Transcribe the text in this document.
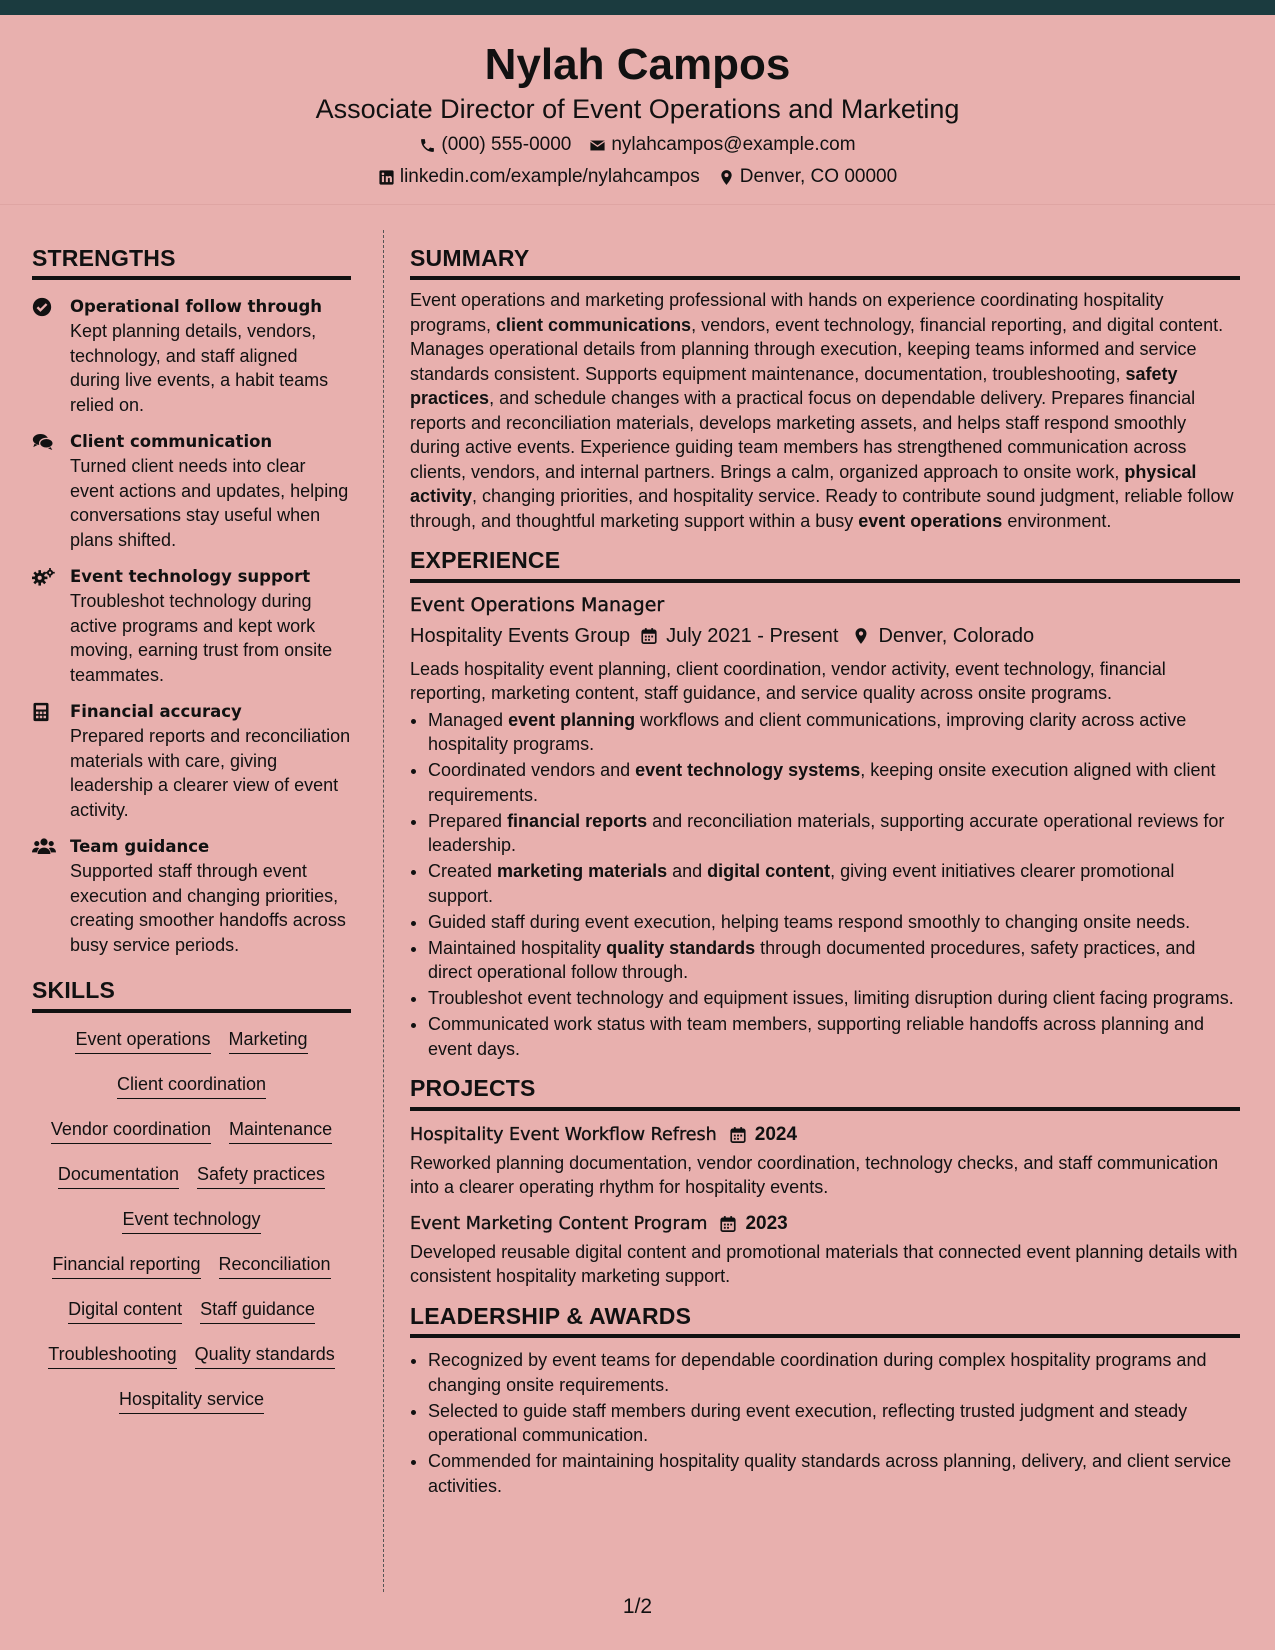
Nylah Campos
Associate Director of Event Operations and Marketing
(000) 555-0000 nylahcampos@example.com
linkedin.com/example/nylahcampos Denver, CO 00000
STRENGTHS
Operational follow through
Kept planning details, vendors, technology, and staff aligned during live events, a habit teams relied on.
Client communication
Turned client needs into clear event actions and updates, helping conversations stay useful when plans shifted.
Event technology support
Troubleshot technology during active programs and kept work moving, earning trust from onsite teammates.
Financial accuracy
Prepared reports and reconciliation materials with care, giving leadership a clearer view of event activity.
Team guidance
Supported staff through event execution and changing priorities, creating smoother handoffs across busy service periods.
SKILLS
Event operations Marketing
Client coordination
Vendor coordination Maintenance
Documentation Safety practices
Event technology
Financial reporting Reconciliation
Digital content Staff guidance
Troubleshooting Quality standards
Hospitality service
SUMMARY
Event operations and marketing professional with hands on experience coordinating hospitality programs, client communications, vendors, event technology, financial reporting, and digital content. Manages operational details from planning through execution, keeping teams informed and service standards consistent. Supports equipment maintenance, documentation, troubleshooting, safety practices, and schedule changes with a practical focus on dependable delivery. Prepares financial reports and reconciliation materials, develops marketing assets, and helps staff respond smoothly during active events. Experience guiding team members has strengthened communication across clients, vendors, and internal partners. Brings a calm, organized approach to onsite work, physical activity, changing priorities, and hospitality service. Ready to contribute sound judgment, reliable follow through, and thoughtful marketing support within a busy event operations environment.
EXPERIENCE
Event Operations Manager
Hospitality Events Group July 2021 - Present Denver, Colorado
Leads hospitality event planning, client coordination, vendor activity, event technology, financial reporting, marketing content, staff guidance, and service quality across onsite programs.
• Managed event planning workflows and client communications, improving clarity across active hospitality programs.
• Coordinated vendors and event technology systems, keeping onsite execution aligned with client requirements.
• Prepared financial reports and reconciliation materials, supporting accurate operational reviews for leadership.
• Created marketing materials and digital content, giving event initiatives clearer promotional support.
• Guided staff during event execution, helping teams respond smoothly to changing onsite needs.
• Maintained hospitality quality standards through documented procedures, safety practices, and direct operational follow through.
• Troubleshot event technology and equipment issues, limiting disruption during client facing programs.
• Communicated work status with team members, supporting reliable handoffs across planning and event days.
PROJECTS
Hospitality Event Workflow Refresh 2024
Reworked planning documentation, vendor coordination, technology checks, and staff communication into a clearer operating rhythm for hospitality events.
Event Marketing Content Program 2023
Developed reusable digital content and promotional materials that connected event planning details with consistent hospitality marketing support.
LEADERSHIP & AWARDS
• Recognized by event teams for dependable coordination during complex hospitality programs and changing onsite requirements.
• Selected to guide staff members during event execution, reflecting trusted judgment and steady operational communication.
• Commended for maintaining hospitality quality standards across planning, delivery, and client service activities.
1/2
